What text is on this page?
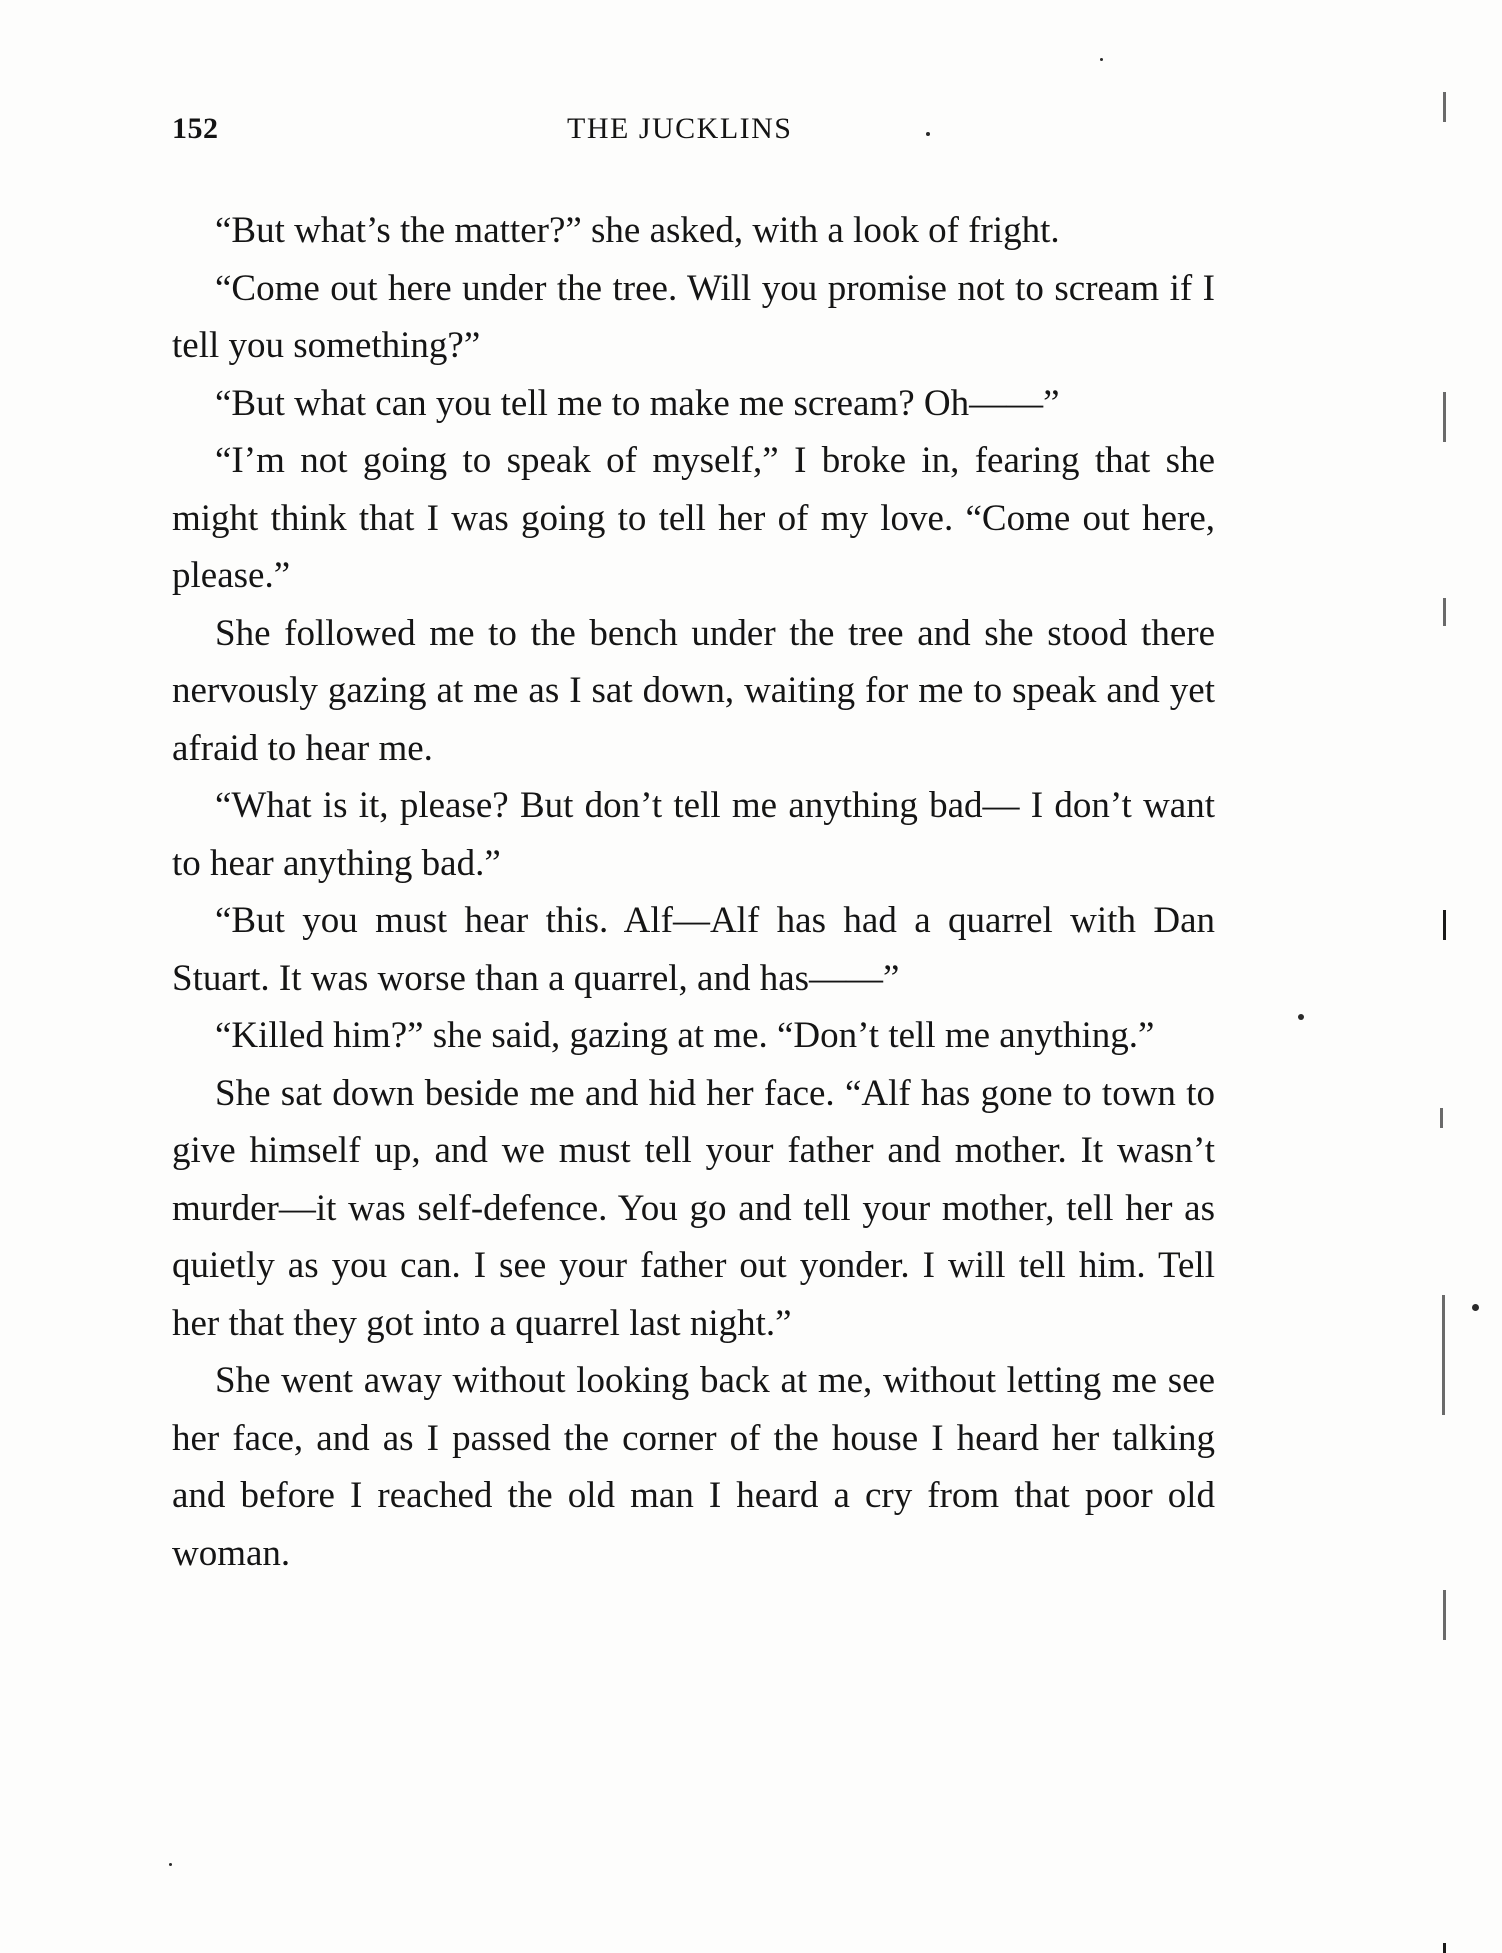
152	THE JUCKLINS

“But what’s the matter?” she asked, with a look of fright.

“Come out here under the tree. Will you promise not to scream if I tell you something?”

“But what can you tell me to make me scream? Oh——”

“I’m not going to speak of myself,” I broke in, fearing that she might think that I was going to tell her of my love. “Come out here, please.”

She followed me to the bench under the tree and she stood there nervously gazing at me as I sat down, waiting for me to speak and yet afraid to hear me.

“What is it, please? But don’t tell me anything bad— I don’t want to hear anything bad.”

“But you must hear this. Alf—Alf has had a quarrel with Dan Stuart. It was worse than a quarrel, and has——”

“Killed him?” she said, gazing at me. “Don’t tell me anything.”

She sat down beside me and hid her face. “Alf has gone to town to give himself up, and we must tell your father and mother. It wasn’t murder—it was self-defence. You go and tell your mother, tell her as quietly as you can. I see your father out yonder. I will tell him. Tell her that they got into a quarrel last night.”

She went away without looking back at me, without letting me see her face, and as I passed the corner of the house I heard her talking and before I reached the old man I heard a cry from that poor old woman.
